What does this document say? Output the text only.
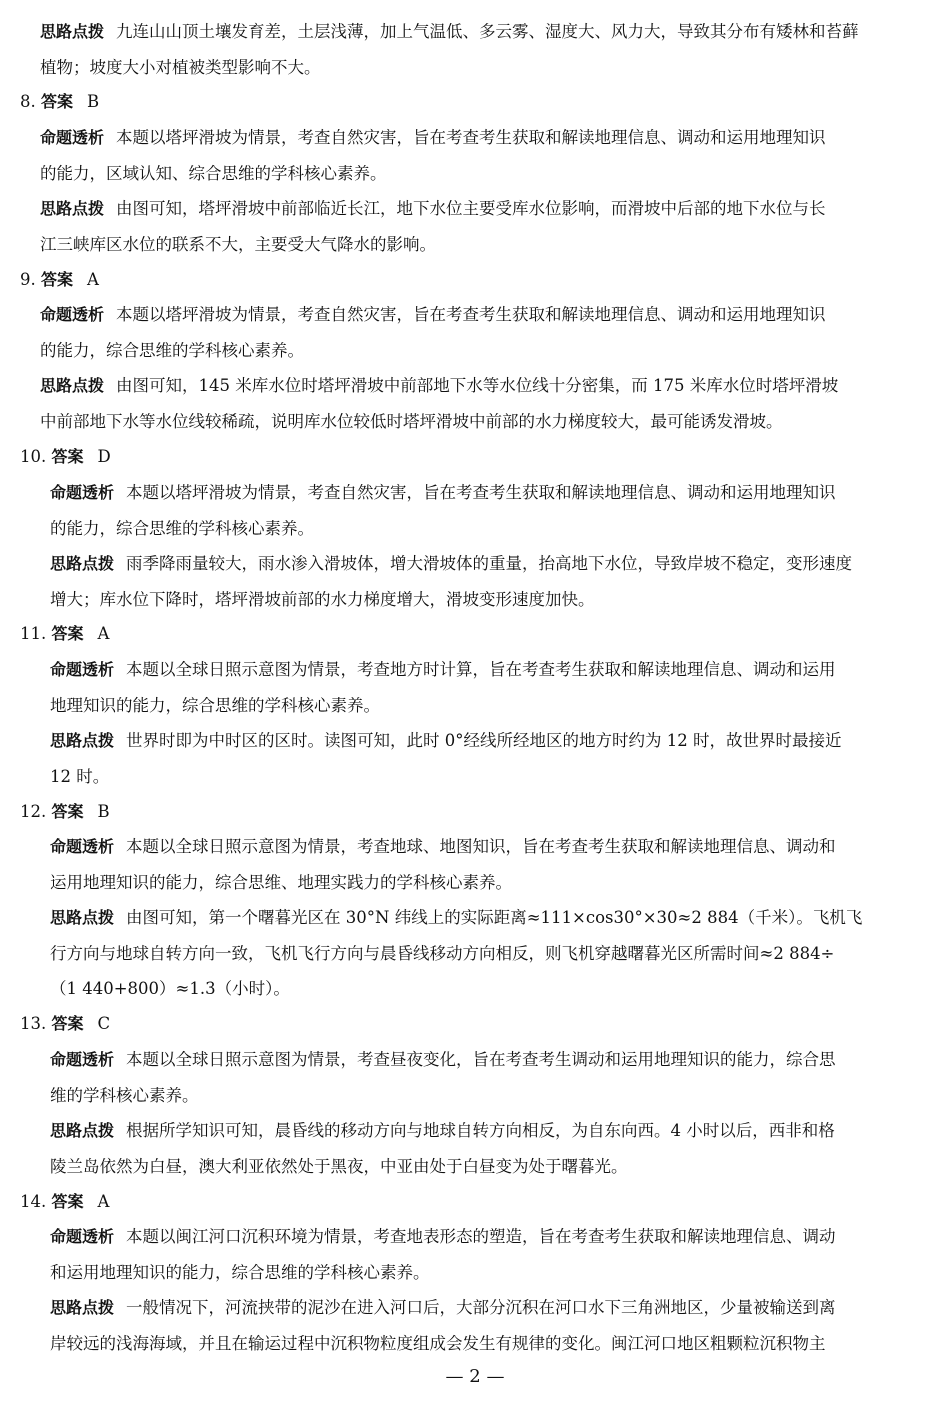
思路点拨 九连山山顶土壤发育差，土层浅薄，加上气温低、多云雾、湿度大、风力大，导致其分布有矮林和苔藓
植物；坡度大小对植被类型影响不大。
8. 答案 B
命题透析 本题以塔坪滑坡为情景，考查自然灾害，旨在考查考生获取和解读地理信息、调动和运用地理知识
的能力，区域认知、综合思维的学科核心素养。
思路点拨 由图可知，塔坪滑坡中前部临近长江，地下水位主要受库水位影响，而滑坡中后部的地下水位与长
江三峡库区水位的联系不大，主要受大气降水的影响。
9. 答案 A
命题透析 本题以塔坪滑坡为情景，考查自然灾害，旨在考查考生获取和解读地理信息、调动和运用地理知识
的能力，综合思维的学科核心素养。
思路点拨 由图可知，145 米库水位时塔坪滑坡中前部地下水等水位线十分密集，而 175 米库水位时塔坪滑坡
中前部地下水等水位线较稀疏，说明库水位较低时塔坪滑坡中前部的水力梯度较大，最可能诱发滑坡。
10. 答案 D
命题透析 本题以塔坪滑坡为情景，考查自然灾害，旨在考查考生获取和解读地理信息、调动和运用地理知识
的能力，综合思维的学科核心素养。
思路点拨 雨季降雨量较大，雨水渗入滑坡体，增大滑坡体的重量，抬高地下水位，导致岸坡不稳定，变形速度
增大；库水位下降时，塔坪滑坡前部的水力梯度增大，滑坡变形速度加快。
11. 答案 A
命题透析 本题以全球日照示意图为情景，考查地方时计算，旨在考查考生获取和解读地理信息、调动和运用
地理知识的能力，综合思维的学科核心素养。
思路点拨 世界时即为中时区的区时。读图可知，此时 0°经线所经地区的地方时约为 12 时，故世界时最接近
12 时。
12. 答案 B
命题透析 本题以全球日照示意图为情景，考查地球、地图知识，旨在考查考生获取和解读地理信息、调动和
运用地理知识的能力，综合思维、地理实践力的学科核心素养。
思路点拨 由图可知，第一个曙暮光区在 30°N 纬线上的实际距离≈111×cos30°×30≈2 884（千米）。飞机飞
行方向与地球自转方向一致，飞机飞行方向与晨昏线移动方向相反，则飞机穿越曙暮光区所需时间≈2 884÷
（1 440+800）≈1.3（小时）。
13. 答案 C
命题透析 本题以全球日照示意图为情景，考查昼夜变化，旨在考查考生调动和运用地理知识的能力，综合思
维的学科核心素养。
思路点拨 根据所学知识可知，晨昏线的移动方向与地球自转方向相反，为自东向西。4 小时以后，西非和格
陵兰岛依然为白昼，澳大利亚依然处于黑夜，中亚由处于白昼变为处于曙暮光。
14. 答案 A
命题透析 本题以闽江河口沉积环境为情景，考查地表形态的塑造，旨在考查考生获取和解读地理信息、调动
和运用地理知识的能力，综合思维的学科核心素养。
思路点拨 一般情况下，河流挟带的泥沙在进入河口后，大部分沉积在河口水下三角洲地区，少量被输送到离
岸较远的浅海海域，并且在输运过程中沉积物粒度组成会发生有规律的变化。闽江河口地区粗颗粒沉积物主
— 2 —
